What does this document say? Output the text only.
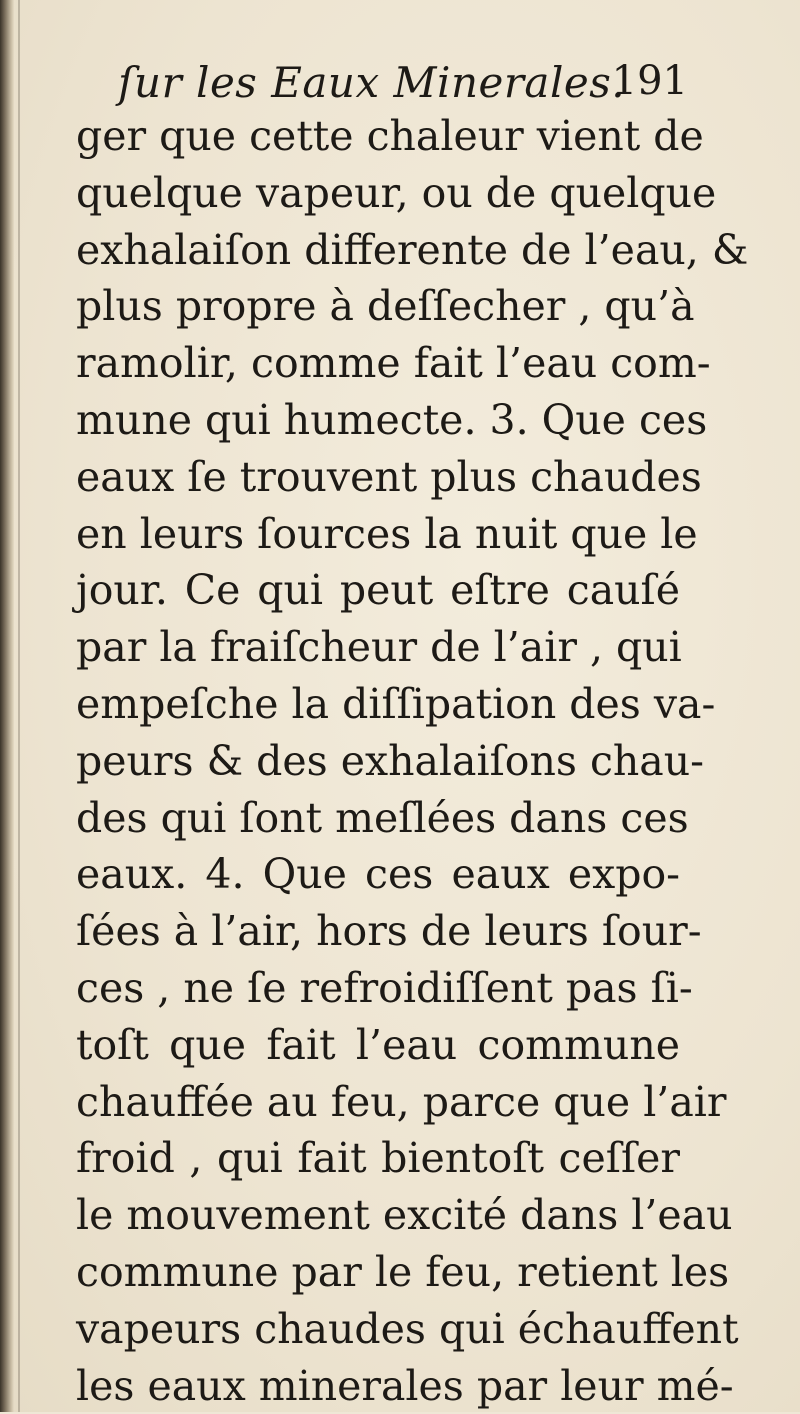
ſur les Eaux Minerales.
191
ger que cette chaleur vient de
quelque vapeur, ou de quelque
exhalaiſon differente de l’eau, &
plus propre à deſſecher , qu’à
ramolir, comme fait l’eau com-
mune qui humecte. 3. Que ces
eaux ſe trouvent plus chaudes
en leurs ſources la nuit que le
jour. Ce qui peut eſtre cauſé
par la fraiſcheur de l’air , qui
empeſche la diſſipation des va-
peurs & des exhalaiſons chau-
des qui ſont meſlées dans ces
eaux. 4. Que ces eaux expo-
ſées à l’air, hors de leurs ſour-
ces , ne ſe refroidiſſent pas ſi-
toſt que fait l’eau commune
chauffée au feu, parce que l’air
froid , qui fait bientoſt ceſſer
le mouvement excité dans l’eau
commune par le feu, retient les
vapeurs chaudes qui échauffent
les eaux minerales par leur mé-
